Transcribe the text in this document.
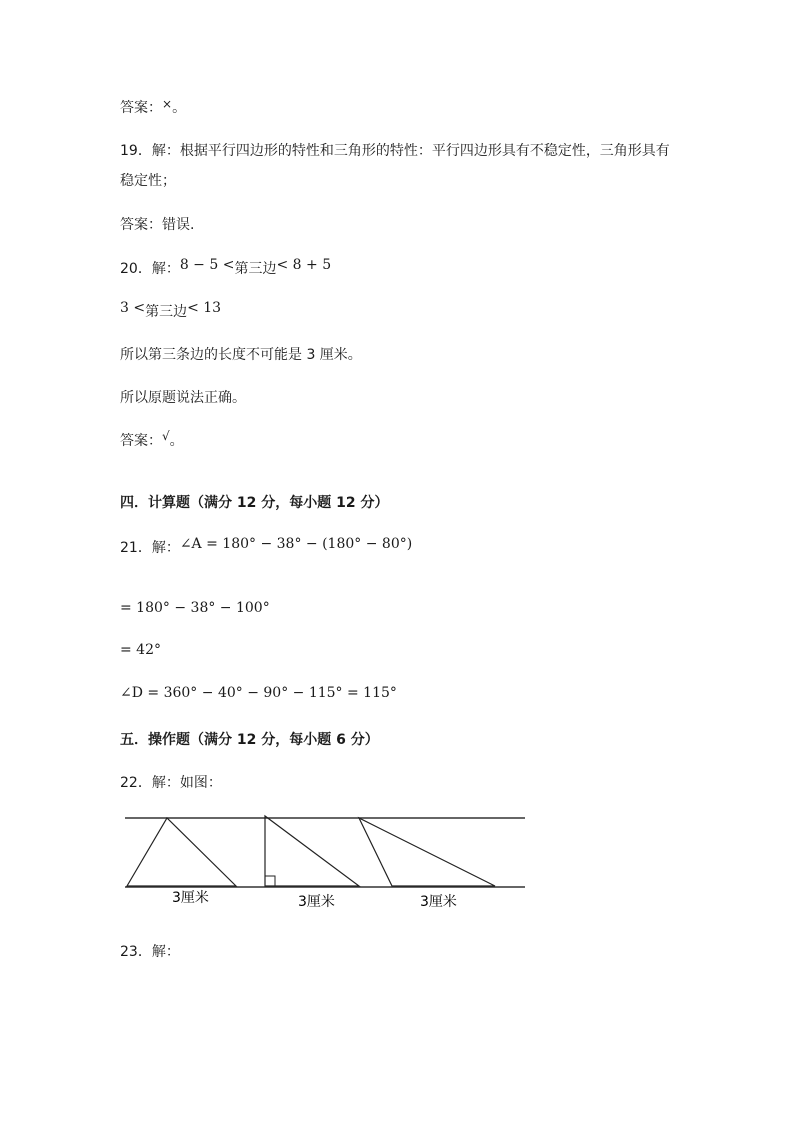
答案：×。
19．解：根据平行四边形的特性和三角形的特性：平行四边形具有不稳定性，三角形具有
稳定性；
答案：错误.
20．解：8 − 5 <第三边< 8 + 5
3 <第三边< 13
所以第三条边的长度不可能是 3 厘米。
所以原题说法正确。
答案：√。
四．计算题（满分 12 分，每小题 12 分）
21．解：∠A = 180° − 38° − (180° − 80°)
= 180° − 38° − 100°
= 42°
∠D = 360° − 40° − 90° − 115° = 115°
五．操作题（满分 12 分，每小题 6 分）
22．解：如图：
3厘米	3厘米	3厘米
23．解：
